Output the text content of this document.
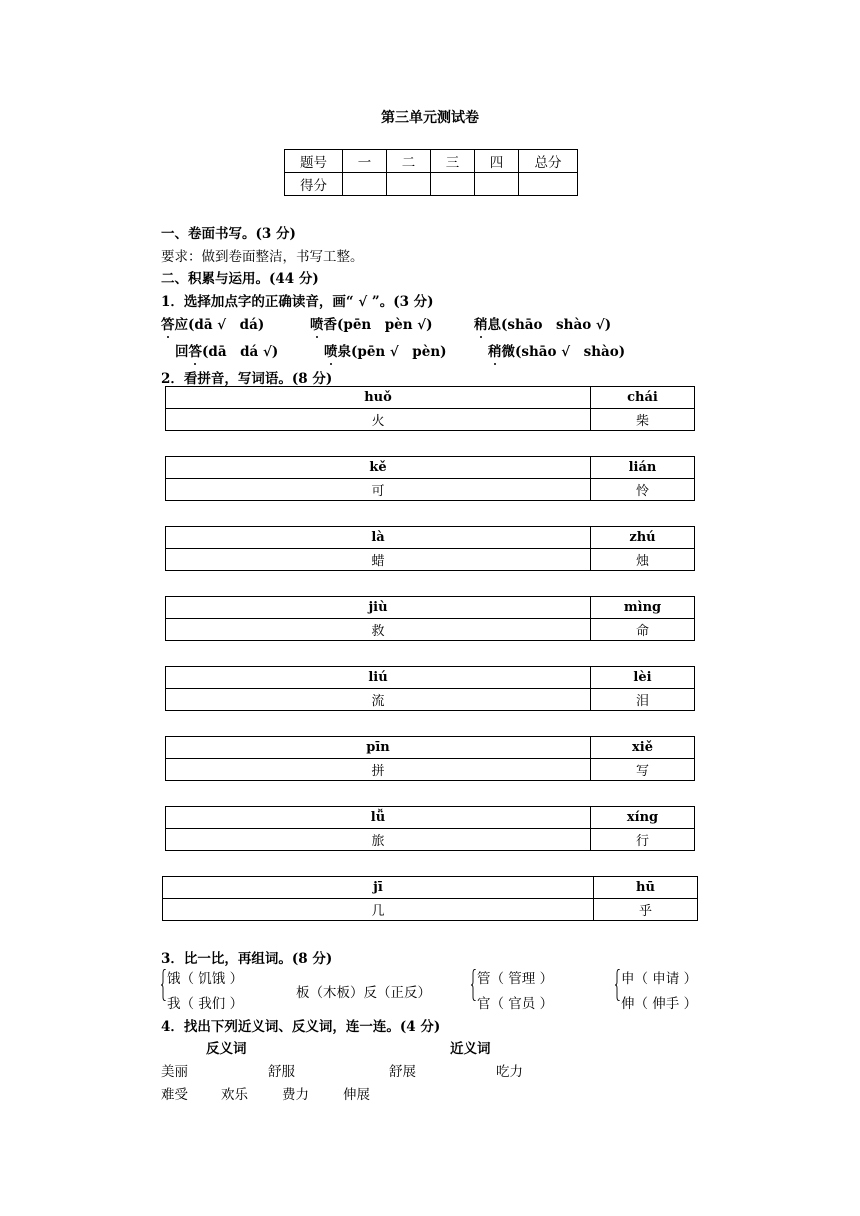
第三单元测试卷
题号	一	二	三	四	总分
得分					
一、卷面书写。(3 分)
要求：做到卷面整洁，书写工整。
二、积累与运用。(44 分)
1．选择加点字的正确读音，画“ √ ”。(3 分)
答应(dā √　dá)	喷香(pēn　pèn √)	稍息(shāo　shào √)
回答(dā　dá √)	喷泉(pēn √　pèn)	稍微(shāo √　shào)
2．看拼音，写词语。(8 分)
huǒ	chái
火	柴
kě	lián
可	怜
là	zhú
蜡	烛
jiù	mìng
救	命
liú	lèi
流	泪
pīn	xiě
拼	写
lǚ	xíng
旅	行
jī	hū
几	乎
3．比一比，再组词。(8 分)
饿（ 饥饿 ）
我（ 我们 ）
板（木板）反（正反）
管（ 管理 ）
官（ 官员 ）
申（ 申请 ）
伸（ 伸手 ）
4．找出下列近义词、反义词，连一连。(4 分)
反义词	近义词
美丽	舒服	舒展	吃力
难受 欢乐	费力	伸展
